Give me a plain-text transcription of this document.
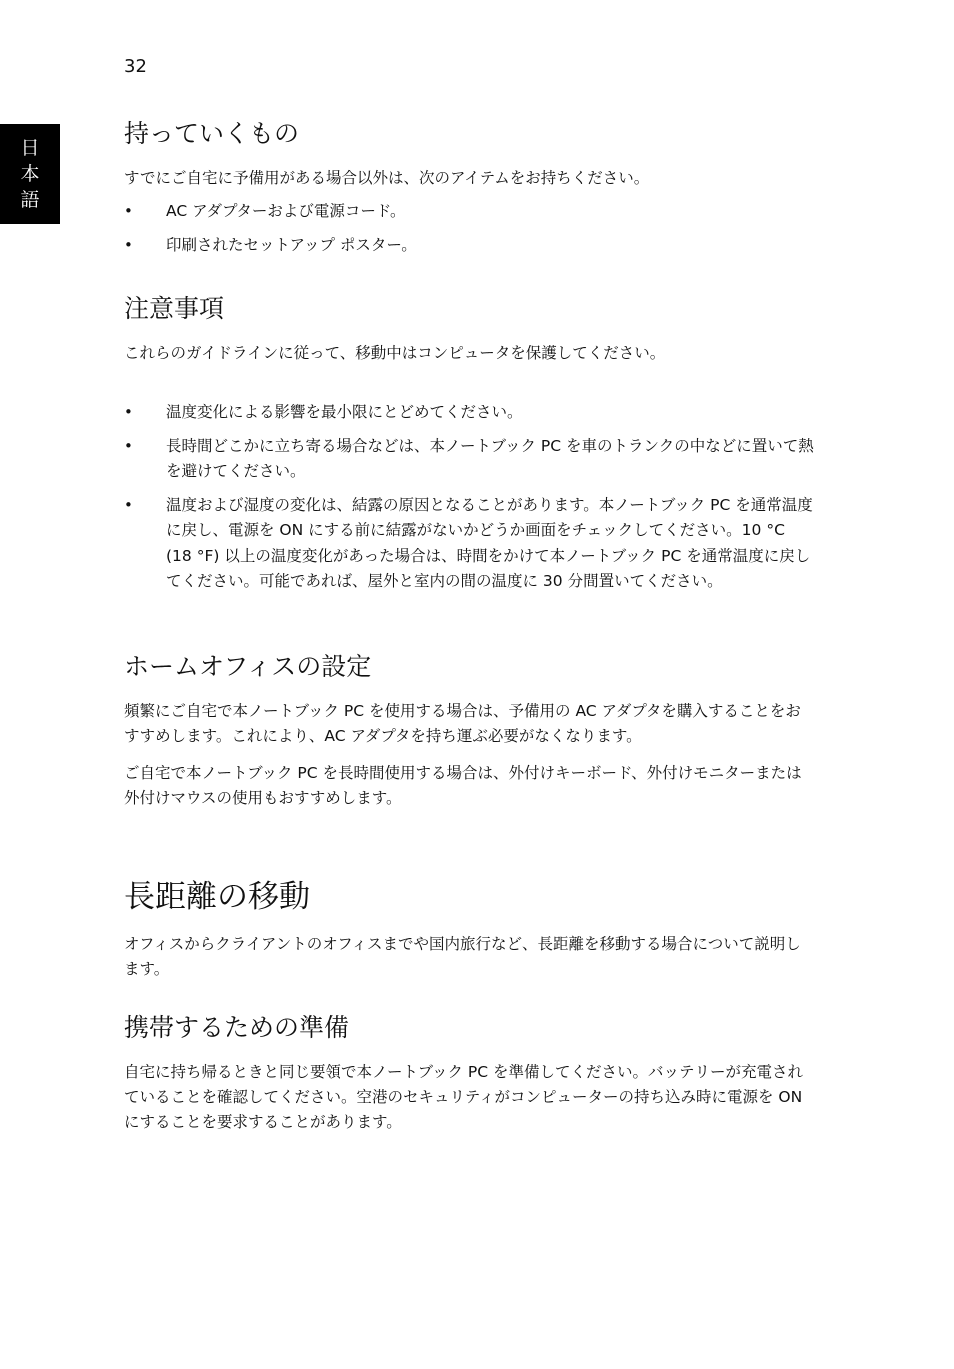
32
日
本
語
持っていくもの

すでにご自宅に予備用がある場合以外は、次のアイテムをお持ちください。

• AC アダプターおよび電源コード。
• 印刷されたセットアップ ポスター。
注意事項

これらのガイドラインに従って、移動中はコンピュータを保護してください。

• 温度変化による影響を最小限にとどめてください。
• 長時間どこかに立ち寄る場合などは、本ノートブック PC を車のトランクの中などに置いて熱を避けてください。
• 温度および湿度の変化は、結露の原因となることがあります。本ノートブック PC を通常温度に戻し、電源を ON にする前に結露がないかどうか画面をチェックしてください。10 °C (18 °F) 以上の温度変化があった場合は、時間をかけて本ノートブック PC を通常温度に戻してください。可能であれば、屋外と室内の間の温度に 30 分間置いてください。
ホームオフィスの設定

頻繁にご自宅で本ノートブック PC を使用する場合は、予備用の AC アダプタを購入することをおすすめします。これにより、AC アダプタを持ち運ぶ必要がなくなります。

ご自宅で本ノートブック PC を長時間使用する場合は、外付けキーボード、外付けモニターまたは外付けマウスの使用もおすすめします。

長距離の移動

オフィスからクライアントのオフィスまでや国内旅行など、長距離を移動する場合について説明します。

携帯するための準備

自宅に持ち帰るときと同じ要領で本ノートブック PC を準備してください。バッテリーが充電されていることを確認してください。空港のセキュリティがコンピューターの持ち込み時に電源を ON にすることを要求することがあります。
